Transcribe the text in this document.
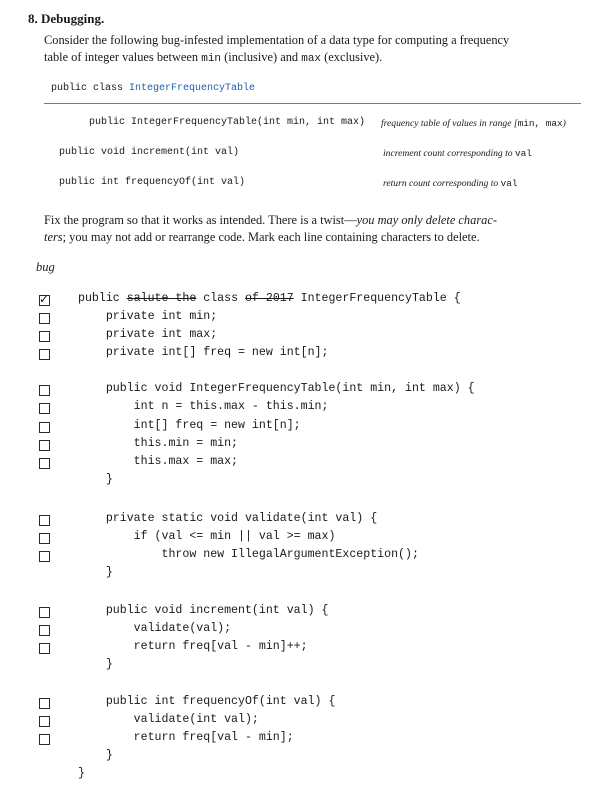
8. Debugging.
Consider the following bug-infested implementation of a data type for computing a frequency
table of integer values between min (inclusive) and max (exclusive).
public class IntegerFrequencyTable
public IntegerFrequencyTable(int min, int max) frequency table of values in range [min, max)
public void increment(int val)	increment count corresponding to val
public int frequencyOf(int val)	return count corresponding to val
Fix the program so that it works as intended. There is a twist—you may only delete charac-
ters; you may not add or rearrange code. Mark each line containing characters to delete.
bug
✓ public salute the class of 2017 IntegerFrequencyTable {
private int min;
private int max;
private int[] freq = new int[n];
public void IntegerFrequencyTable(int min, int max) {
int n = this.max - this.min;
int[] freq = new int[n];
this.min = min;
this.max = max;
}
private static void validate(int val) {
if (val <= min || val >= max)
throw new IllegalArgumentException();
}
public void increment(int val) {
validate(val);
return freq[val - min]++;
}
public int frequencyOf(int val) {
validate(int val);
return freq[val - min];
}
}
